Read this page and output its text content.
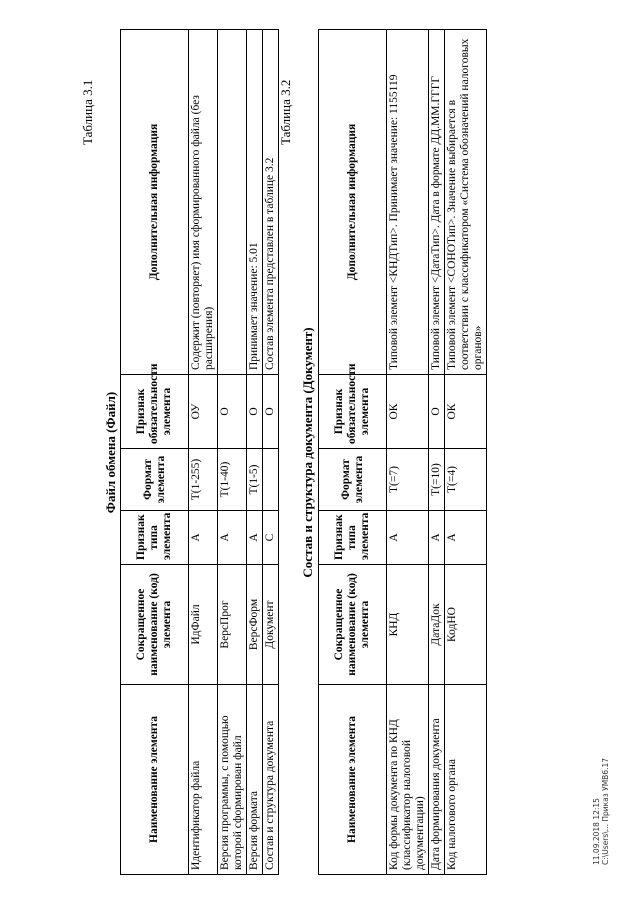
Таблица 3.1
Файл обмена (Файл)
Наименование элемента	Сокращенное наименование (код) элемента	Признак типа элемента	Формат элемента	Признак обязательности элемента	Дополнительная информация
Идентификатор файла	ИдФайл	А	Т(1-255)	ОУ	Содержит (повторяет) имя сформированного файла (без расширения)
Версия программы, с помощью которой сформирован файл	ВерсПрог	А	Т(1-40)	О	
Версия формата	ВерсФорм	А	Т(1-5)	О	Принимает значение: 5.01
Состав и структура документа	Документ	С		О	Состав элемента представлен в таблице 3.2
Таблица 3.2
Состав и структура документа (Документ)
Наименование элемента	Сокращенное наименование (код) элемента	Признак типа элемента	Формат элемента	Признак обязательности элемента	Дополнительная информация
Код формы документа по КНД (классификатор налоговой документации)	КНД	А	Т(=7)	ОК	Типовой элемент <КНДТип>. Принимает значение: 1155119
Дата формирования документа	ДатаДок	А	Т(=10)	О	Типовой элемент <ДатаТип>. Дата в формате ДД.ММ.ГГГГ
Код налогового органа	КодНО	А	Т(=4)	ОК	Типовой элемент <СОНОТип>. Значение выбирается в соответствии с классификатором «Система обозначений налоговых органов»
11.09.2018 12:15 С:\Users\... Приказ УМВ6.17
